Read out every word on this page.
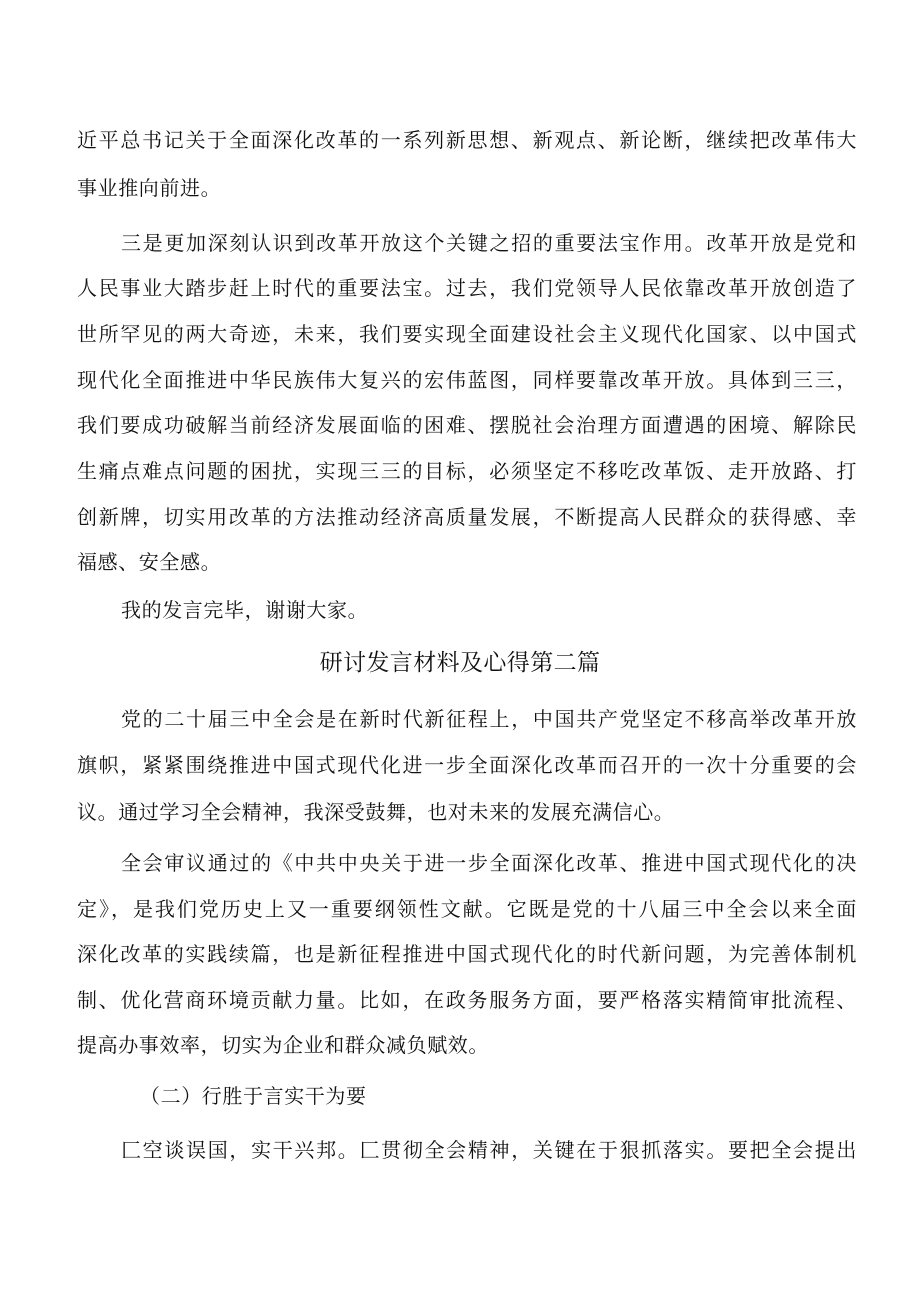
近平总书记关于全面深化改革的一系列新思想、新观点、新论断，继续把改革伟大
事业推向前进。
三是更加深刻认识到改革开放这个关键之招的重要法宝作用。改革开放是党和
人民事业大踏步赶上时代的重要法宝。过去，我们党领导人民依靠改革开放创造了
世所罕见的两大奇迹，未来，我们要实现全面建设社会主义现代化国家、以中国式
现代化全面推进中华民族伟大复兴的宏伟蓝图，同样要靠改革开放。具体到三三，
我们要成功破解当前经济发展面临的困难、摆脱社会治理方面遭遇的困境、解除民
生痛点难点问题的困扰，实现三三的目标，必须坚定不移吃改革饭、走开放路、打
创新牌，切实用改革的方法推动经济高质量发展，不断提高人民群众的获得感、幸
福感、安全感。
我的发言完毕，谢谢大家。
研讨发言材料及心得第二篇
党的二十届三中全会是在新时代新征程上，中国共产党坚定不移高举改革开放
旗帜，紧紧围绕推进中国式现代化进一步全面深化改革而召开的一次十分重要的会
议。通过学习全会精神，我深受鼓舞，也对未来的发展充满信心。
全会审议通过的《中共中央关于进一步全面深化改革、推进中国式现代化的决
定》，是我们党历史上又一重要纲领性文献。它既是党的十八届三中全会以来全面
深化改革的实践续篇，也是新征程推进中国式现代化的时代新问题，为完善体制机
制、优化营商环境贡献力量。比如，在政务服务方面，要严格落实精简审批流程、
提高办事效率，切实为企业和群众减负赋效。
（二）行胜于言实干为要
匚空谈误国，实干兴邦。匚贯彻全会精神，关键在于狠抓落实。要把全会提出
